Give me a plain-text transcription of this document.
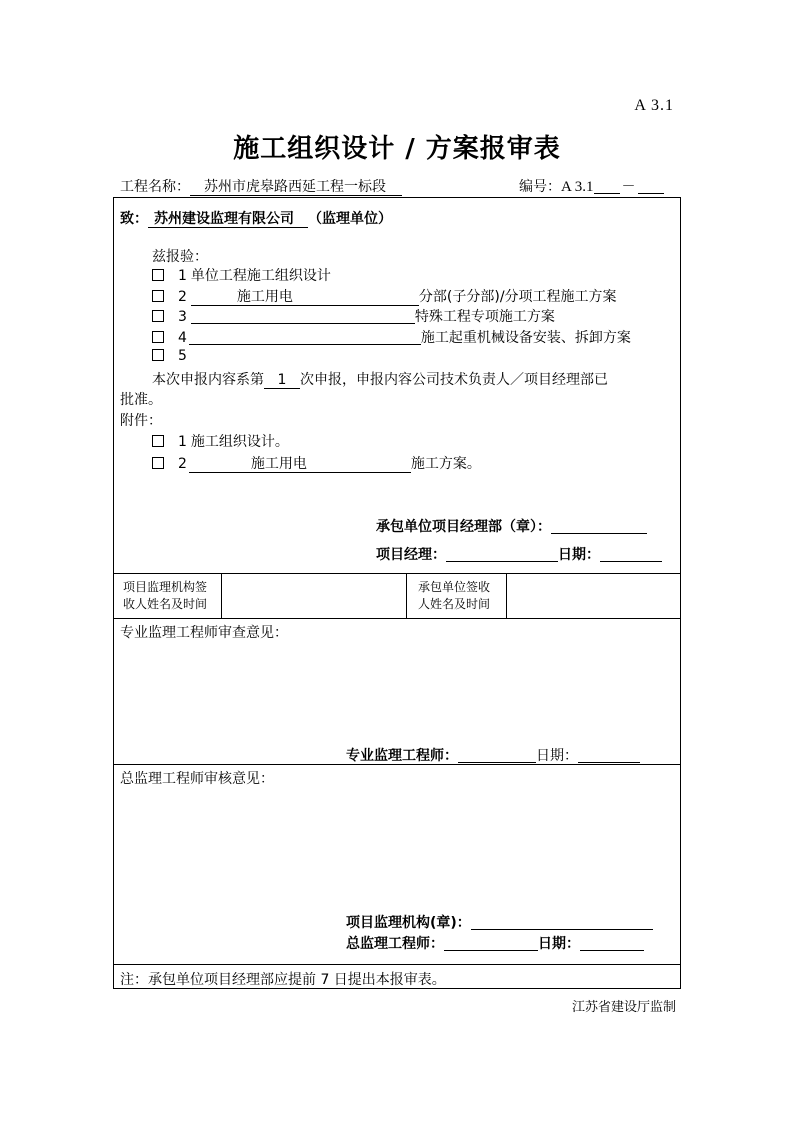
A 3.1
施工组织设计 / 方案报审表
工程名称： 苏州市虎皋路西延工程一标段	编号：A 3.1 －
致： 苏州建设监理有限公司 （监理单位）
兹报验：
1 单位工程施工组织设计
2	施工用电	分部(子分部)/分项工程施工方案
3	特殊工程专项施工方案
4	施工起重机械设备安装、拆卸方案
5
本次申报内容系第 1 次申报，申报内容公司技术负责人／项目经理部已
批准。
附件：
1 施工组织设计。
2	施工用电	施工方案。
承包单位项目经理部（章）：
项目经理：	日期：
项目监理机构签收人姓名及时间
承包单位签收人姓名及时间
专业监理工程师审查意见：
专业监理工程师：	日期：
总监理工程师审核意见：
项目监理机构(章)：
总监理工程师：	日期：
注：承包单位项目经理部应提前 7 日提出本报审表。
江苏省建设厅监制
